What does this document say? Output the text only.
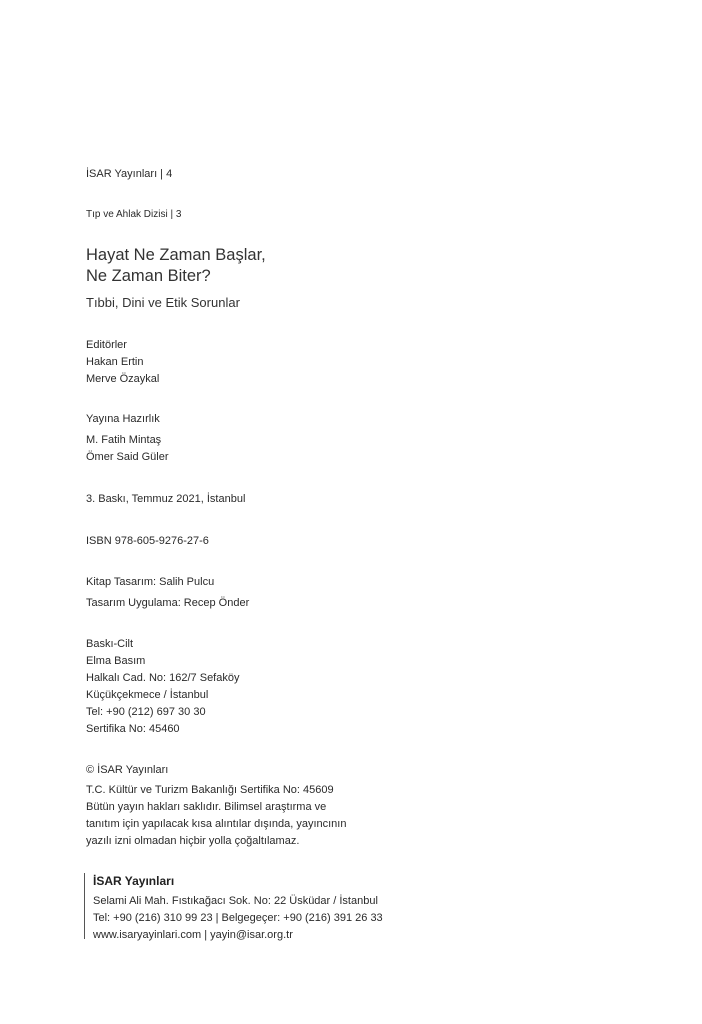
İSAR Yayınları | 4
Tıp ve Ahlak Dizisi | 3
Hayat Ne Zaman Başlar,
Ne Zaman Biter?
Tıbbi, Dini ve Etik Sorunlar
Editörler
Hakan Ertin
Merve Özaykal
Yayına Hazırlık
M. Fatih Mintaş
Ömer Said Güler
3. Baskı, Temmuz 2021, İstanbul
ISBN 978-605-9276-27-6
Kitap Tasarım: Salih Pulcu
Tasarım Uygulama: Recep Önder
Baskı-Cilt
Elma Basım
Halkalı Cad. No: 162/7 Sefaköy
Küçükçekmece / İstanbul
Tel: +90 (212) 697 30 30
Sertifika No: 45460
© İSAR Yayınları
T.C. Kültür ve Turizm Bakanlığı Sertifika No: 45609
Bütün yayın hakları saklıdır. Bilimsel araştırma ve
tanıtım için yapılacak kısa alıntılar dışında, yayıncının
yazılı izni olmadan hiçbir yolla çoğaltılamaz.
İSAR Yayınları
Selami Ali Mah. Fıstıkağacı Sok. No: 22 Üsküdar / İstanbul
Tel: +90 (216) 310 99 23 | Belgegeçer: +90 (216) 391 26 33
www.isaryayinlari.com | yayin@isar.org.tr
